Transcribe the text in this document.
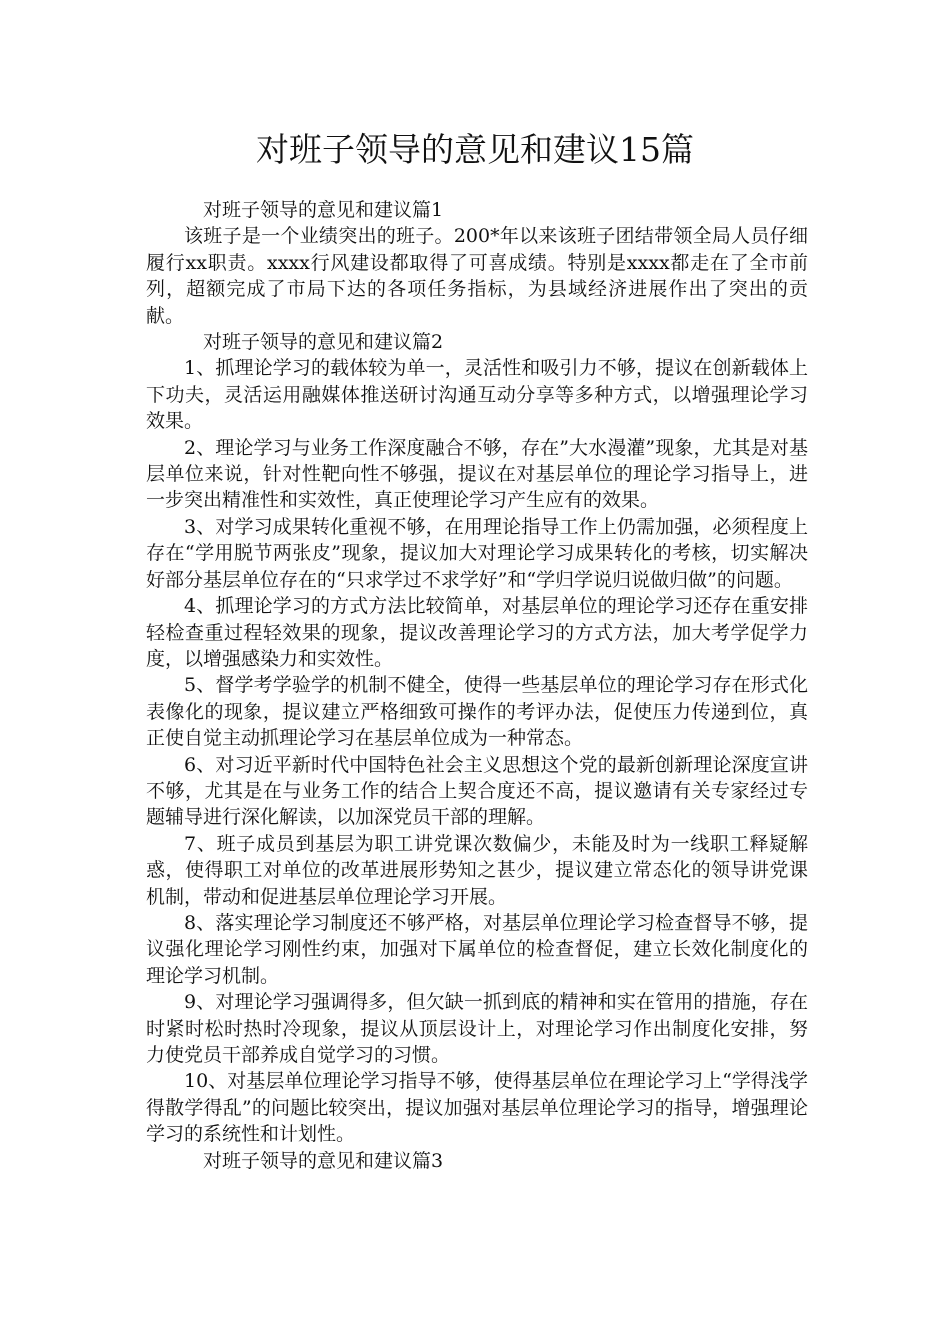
对班子领导的意见和建议15篇

对班子领导的意见和建议篇1

该班子是一个业绩突出的班子。200*年以来该班子团结带领全局人员仔细履行xx职责。xxxx行风建设都取得了可喜成绩。特别是xxxx都走在了全市前列，超额完成了市局下达的各项任务指标，为县域经济进展作出了突出的贡献。

对班子领导的意见和建议篇2

1、抓理论学习的载体较为单一，灵活性和吸引力不够，提议在创新载体上下功夫，灵活运用融媒体推送研讨沟通互动分享等多种方式，以增强理论学习效果。

2、理论学习与业务工作深度融合不够，存在”大水漫灌”现象，尤其是对基层单位来说，针对性靶向性不够强，提议在对基层单位的理论学习指导上，进一步突出精准性和实效性，真正使理论学习产生应有的效果。

3、对学习成果转化重视不够，在用理论指导工作上仍需加强，必须程度上存在“学用脱节两张皮”现象，提议加大对理论学习成果转化的考核，切实解决好部分基层单位存在的“只求学过不求学好”和“学归学说归说做归做”的问题。

4、抓理论学习的方式方法比较简单，对基层单位的理论学习还存在重安排轻检查重过程轻效果的现象，提议改善理论学习的方式方法，加大考学促学力度，以增强感染力和实效性。

5、督学考学验学的机制不健全，使得一些基层单位的理论学习存在形式化表像化的现象，提议建立严格细致可操作的考评办法，促使压力传递到位，真正使自觉主动抓理论学习在基层单位成为一种常态。

6、对习近平新时代中国特色社会主义思想这个党的最新创新理论深度宣讲不够，尤其是在与业务工作的结合上契合度还不高，提议邀请有关专家经过专题辅导进行深化解读，以加深党员干部的理解。

7、班子成员到基层为职工讲党课次数偏少，未能及时为一线职工释疑解惑，使得职工对单位的改革进展形势知之甚少，提议建立常态化的领导讲党课机制，带动和促进基层单位理论学习开展。

8、落实理论学习制度还不够严格，对基层单位理论学习检查督导不够，提议强化理论学习刚性约束，加强对下属单位的检查督促，建立长效化制度化的理论学习机制。

9、对理论学习强调得多，但欠缺一抓到底的精神和实在管用的措施，存在时紧时松时热时冷现象，提议从顶层设计上，对理论学习作出制度化安排，努力使党员干部养成自觉学习的习惯。

10、对基层单位理论学习指导不够，使得基层单位在理论学习上“学得浅学得散学得乱”的问题比较突出，提议加强对基层单位理论学习的指导，增强理论学习的系统性和计划性。

对班子领导的意见和建议篇3
